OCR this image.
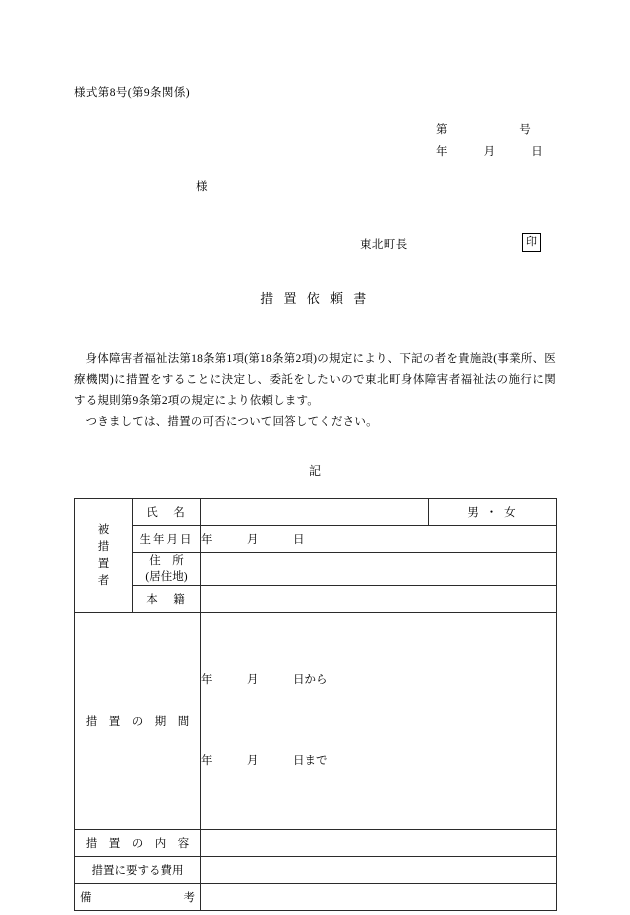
様式第8号(第9条関係)
第　　　　　　号
年　　　月　　　日
様
東北町長	印
措 置 依 頼 書

身体障害者福祉法第18条第1項(第18条第2項)の規定により、下記の者を貴施設(事業所、医療機関)に措置をすることに決定し、委託をしたいので東北町身体障害者福祉法の施行に関する規則第9条第2項の規定により依頼します。

つきましては、措置の可否について回答してください。

記
被
措
置
者	氏　名		男 ・ 女
	生年月日	年　　　月　　　日	

	住　所
(居住地)		

	本　籍		
措　置　の　期　間		年　　　月　　　日から

年　　　月　　　日まで	

措　置　の　内　容			
措置に要する費用			
備　　　　　　　　考			
